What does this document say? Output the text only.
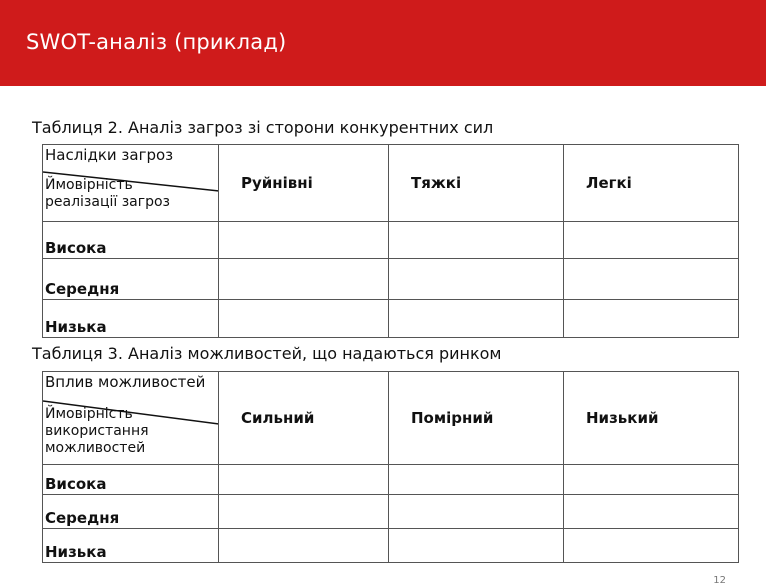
SWOT-аналіз (приклад)
Таблиця 2. Аналіз загроз зі сторони конкурентних сил
Наслідки загроз
Ймовірність реалізації загроз	Руйнівні	Тяжкі	Легкі
Висока			
Середня			
Низька			
Таблиця 3. Аналіз можливостей, що надаються ринком
Вплив можливостей
Ймовірність використання можливостей	Сильний	Помірний	Низький
Висока			
Середня			
Низька			
12
